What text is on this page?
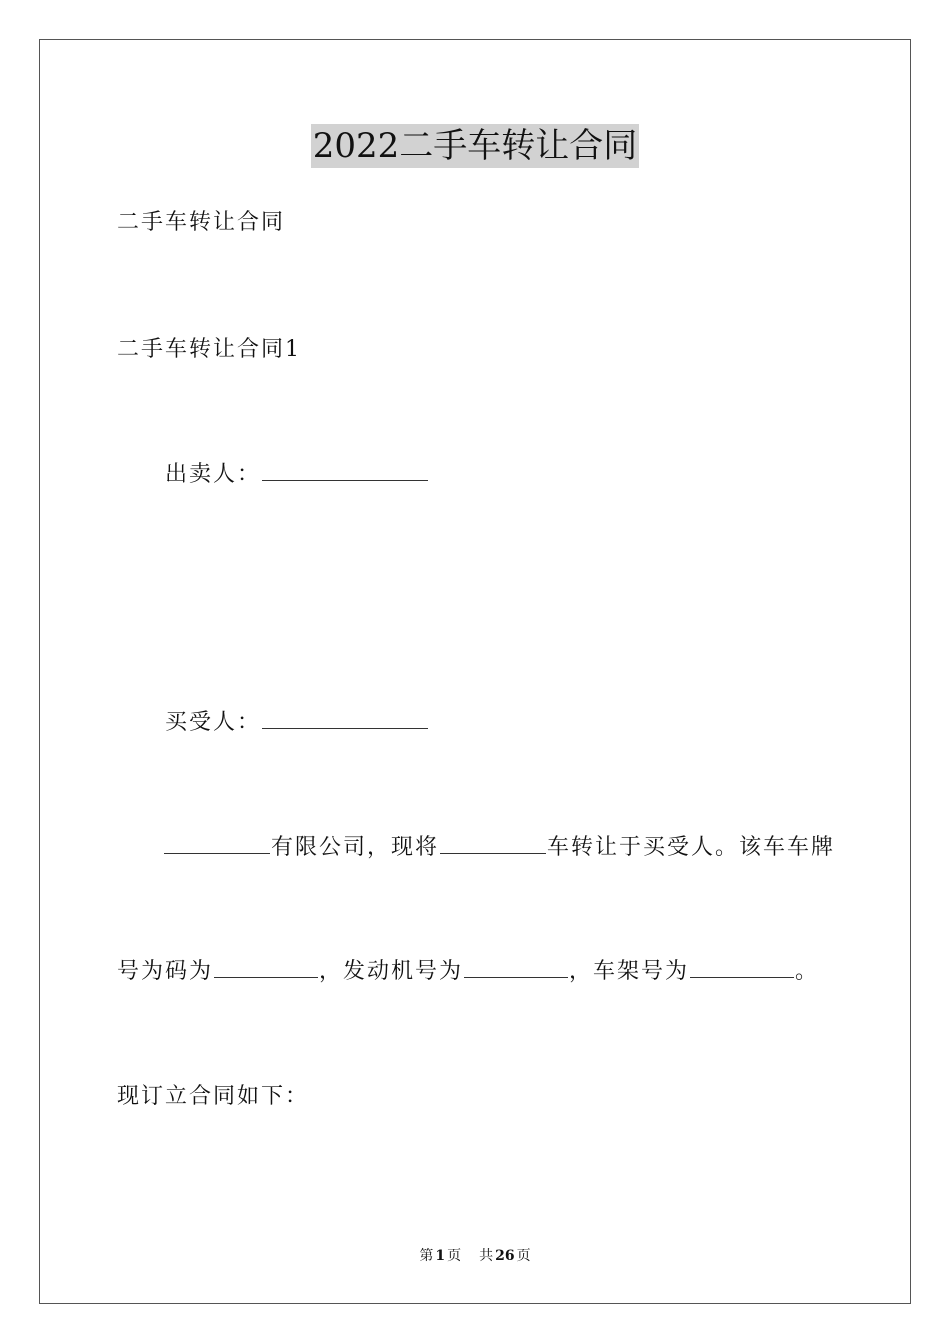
2022二手车转让合同
二手车转让合同
二手车转让合同1
出卖人：
买受人：
有限公司，现将	车转让于买受人。该车车牌
号为码为	，发动机号为	，车架号为	。
现订立合同如下：
第 1 页 共 26 页
